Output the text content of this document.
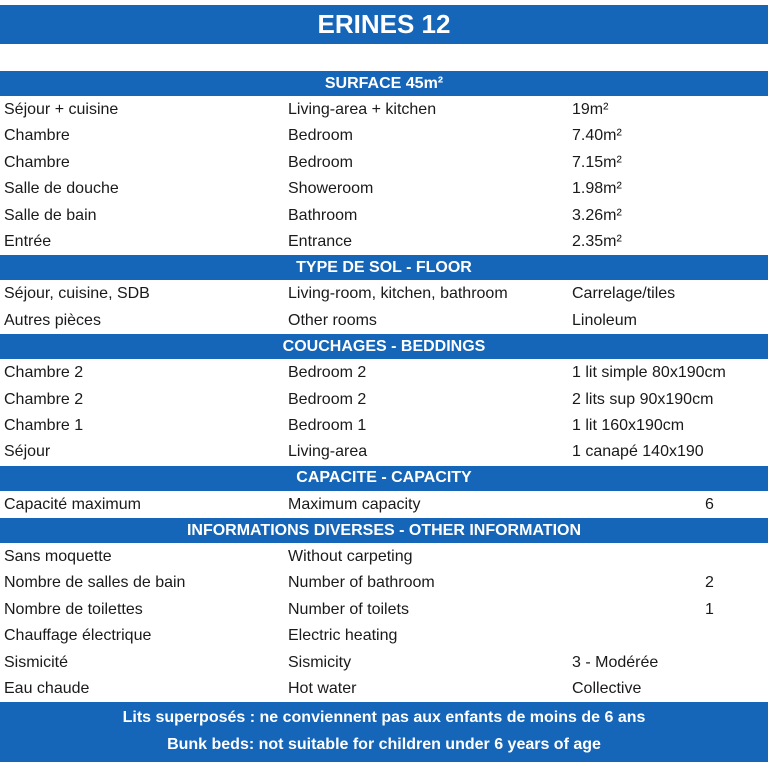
ERINES 12
SURFACE 45m²
Séjour + cuisine	Living-area + kitchen	19m²
Chambre	Bedroom	7.40m²
Chambre	Bedroom	7.15m²
Salle de douche	Showeroom	1.98m²
Salle de bain	Bathroom	3.26m²
Entrée	Entrance	2.35m²
TYPE DE SOL - FLOOR
Séjour, cuisine, SDB	Living-room, kitchen, bathroom	Carrelage/tiles
Autres pièces	Other rooms	Linoleum
COUCHAGES - BEDDINGS
Chambre 2	Bedroom 2	1 lit simple 80x190cm
Chambre 2	Bedroom 2	2 lits sup 90x190cm
Chambre 1	Bedroom 1	1 lit 160x190cm
Séjour	Living-area	1 canapé 140x190
CAPACITE - CAPACITY
Capacité maximum	Maximum capacity	6
INFORMATIONS DIVERSES - OTHER INFORMATION
Sans moquette	Without carpeting
Nombre de salles de bain	Number of bathroom	2
Nombre de toilettes	Number of toilets	1
Chauffage électrique	Electric heating
Sismicité	Sismicity	3 - Modérée
Eau chaude	Hot water	Collective
Lits superposés : ne conviennent pas aux enfants de moins de 6 ans
Bunk beds: not suitable for children under 6 years of age
